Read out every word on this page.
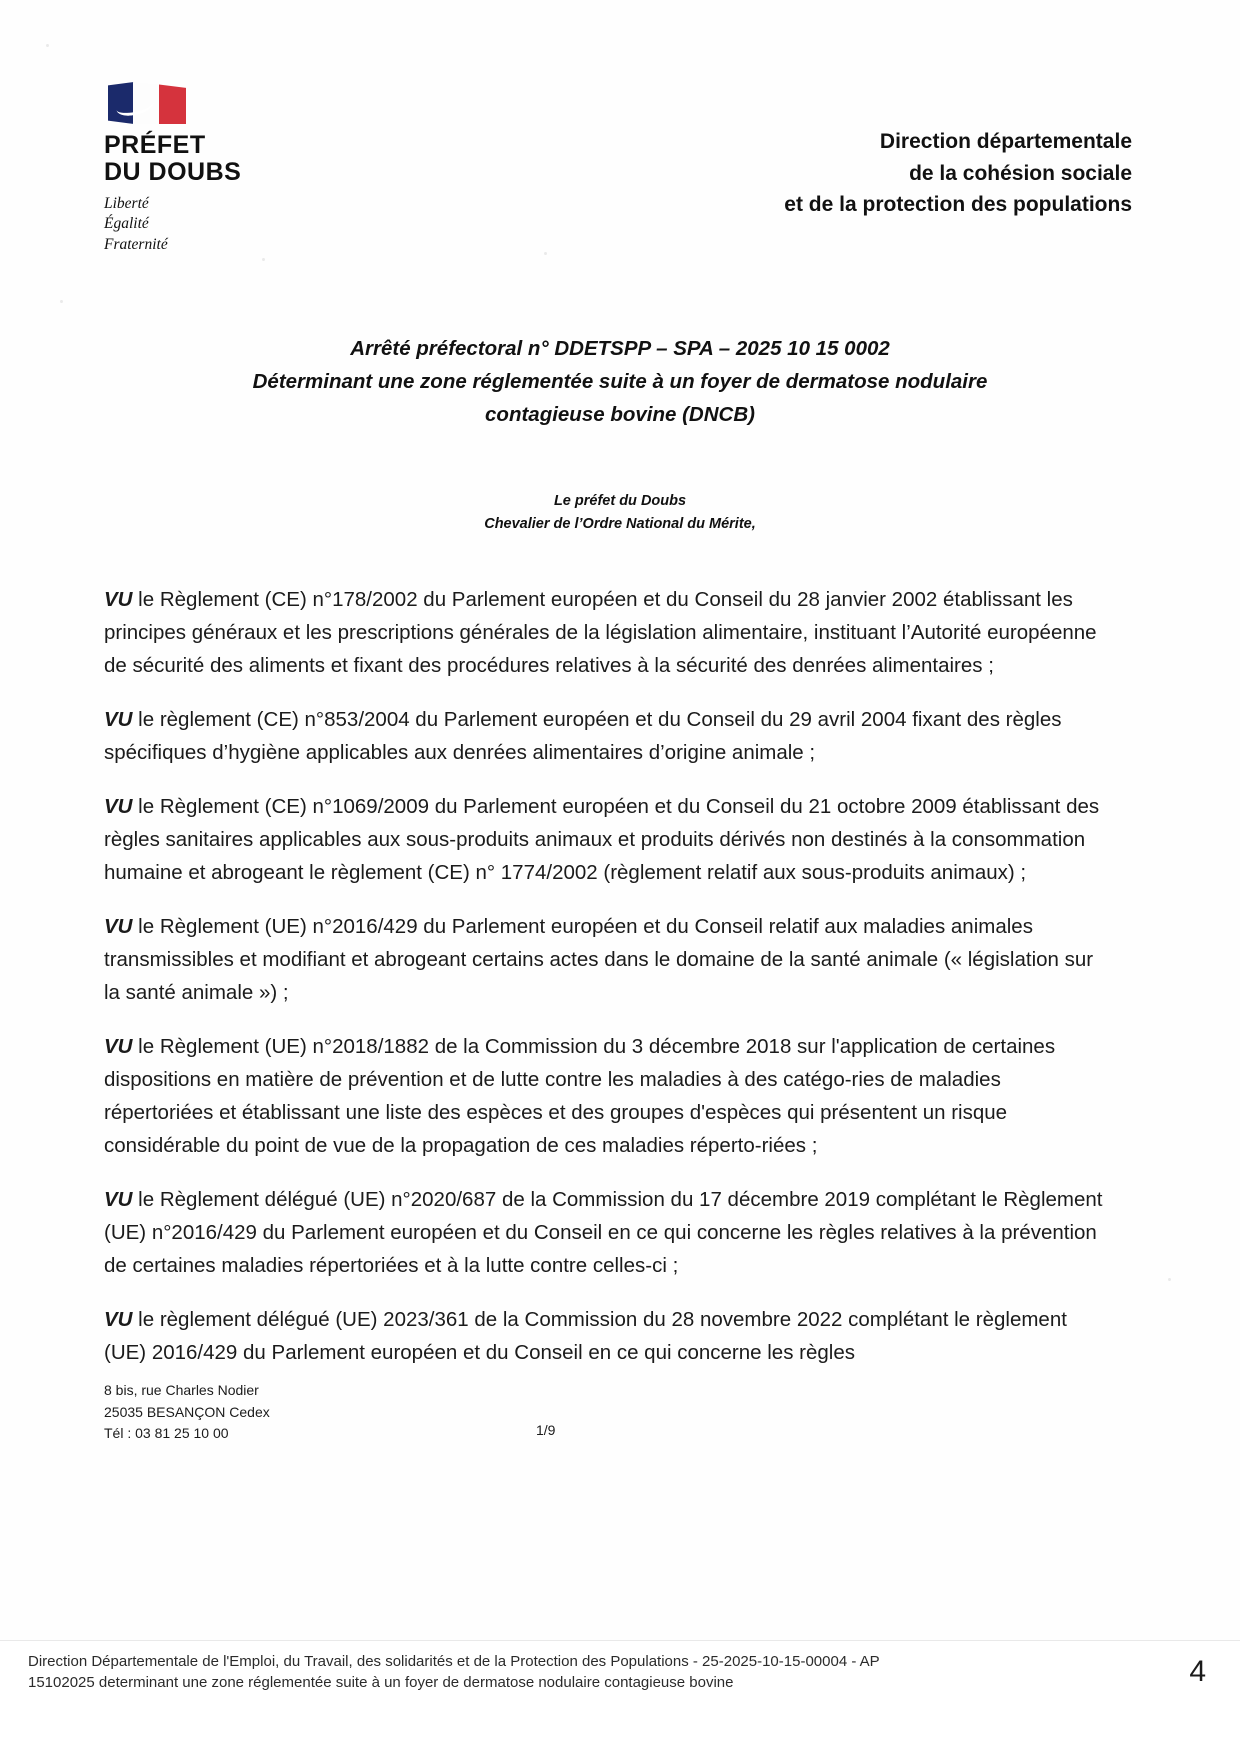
PRÉFET
DU DOUBS
Liberté
Égalité
Fraternité
Direction départementale
de la cohésion sociale
et de la protection des populations
Arrêté préfectoral n° DDETSPP – SPA – 2025 10 15 0002
Déterminant une zone réglementée suite à un foyer de dermatose nodulaire
contagieuse bovine (DNCB)
Le préfet du Doubs
Chevalier de l’Ordre National du Mérite,

VU le Règlement (CE) n°178/2002 du Parlement européen et du Conseil du 28 janvier 2002 établissant les principes généraux et les prescriptions générales de la législation alimentaire, instituant l’Autorité européenne de sécurité des aliments et fixant des procédures relatives à la sécurité des denrées alimentaires ;

VU le règlement (CE) n°853/2004 du Parlement européen et du Conseil du 29 avril 2004 fixant des règles spécifiques d’hygiène applicables aux denrées alimentaires d’origine animale ;

VU le Règlement (CE) n°1069/2009 du Parlement européen et du Conseil du 21 octobre 2009 établissant des règles sanitaires applicables aux sous-produits animaux et produits dérivés non destinés à la consommation humaine et abrogeant le règlement (CE) n° 1774/2002 (règlement relatif aux sous-produits animaux) ;

VU le Règlement (UE) n°2016/429 du Parlement européen et du Conseil relatif aux maladies animales transmissibles et modifiant et abrogeant certains actes dans le domaine de la santé animale (« législation sur la santé animale ») ;

VU le Règlement (UE) n°2018/1882 de la Commission du 3 décembre 2018 sur l'application de certaines dispositions en matière de prévention et de lutte contre les maladies à des catégo-ries de maladies répertoriées et établissant une liste des espèces et des groupes d'espèces qui présentent un risque considérable du point de vue de la propagation de ces maladies réperto-riées ;

VU le Règlement délégué (UE) n°2020/687 de la Commission du 17 décembre 2019 complétant le Règlement (UE) n°2016/429 du Parlement européen et du Conseil en ce qui concerne les règles relatives à la prévention de certaines maladies répertoriées et à la lutte contre celles-ci ;

VU le règlement délégué (UE) 2023/361 de la Commission du 28 novembre 2022 complétant le règlement (UE) 2016/429 du Parlement européen et du Conseil en ce qui concerne les règles

8 bis, rue Charles Nodier
25035 BESANÇON Cedex
Tél : 03 81 25 10 00	1/9
Direction Départementale de l'Emploi, du Travail, des solidarités et de la Protection des Populations - 25-2025-10-15-00004 - AP
15102025 determinant une zone réglementée suite à un foyer de dermatose nodulaire contagieuse bovine	4
